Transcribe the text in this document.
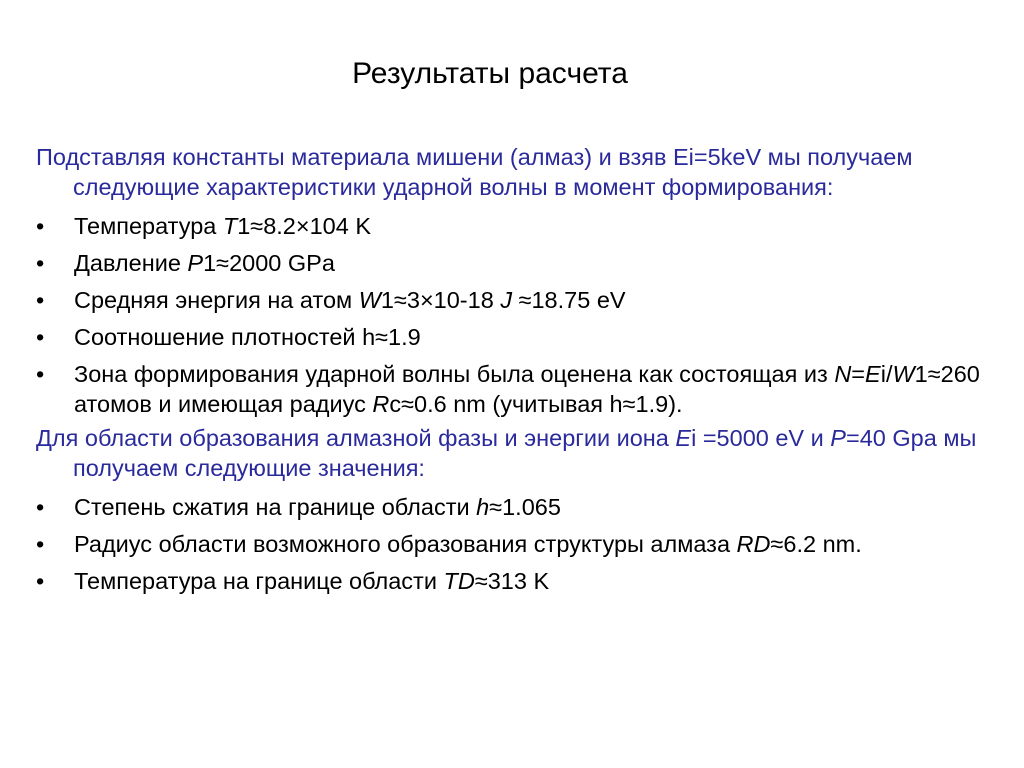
Результаты расчета
Подставляя константы материала мишени (алмаз) и взяв Ei=5keV мы получаем следующие характеристики ударной волны в момент формирования:
• Температура T1≈8.2×104 K
• Давление P1≈2000 GPa
• Средняя энергия на атом W1≈3×10-18 J ≈18.75 eV
• Соотношение плотностей h≈1.9
• Зона формирования ударной волны была оценена как состоящая из N=Ei/W1≈260 атомов и имеющая радиус Rc≈0.6 nm (учитывая h≈1.9).
Для области образования алмазной фазы и энергии иона Ei =5000 eV и P=40 Gpa мы получаем следующие значения:
• Степень сжатия на границе области h≈1.065
• Радиус области возможного образования структуры алмаза RD≈6.2 nm.
• Температура на границе области TD≈313 K
